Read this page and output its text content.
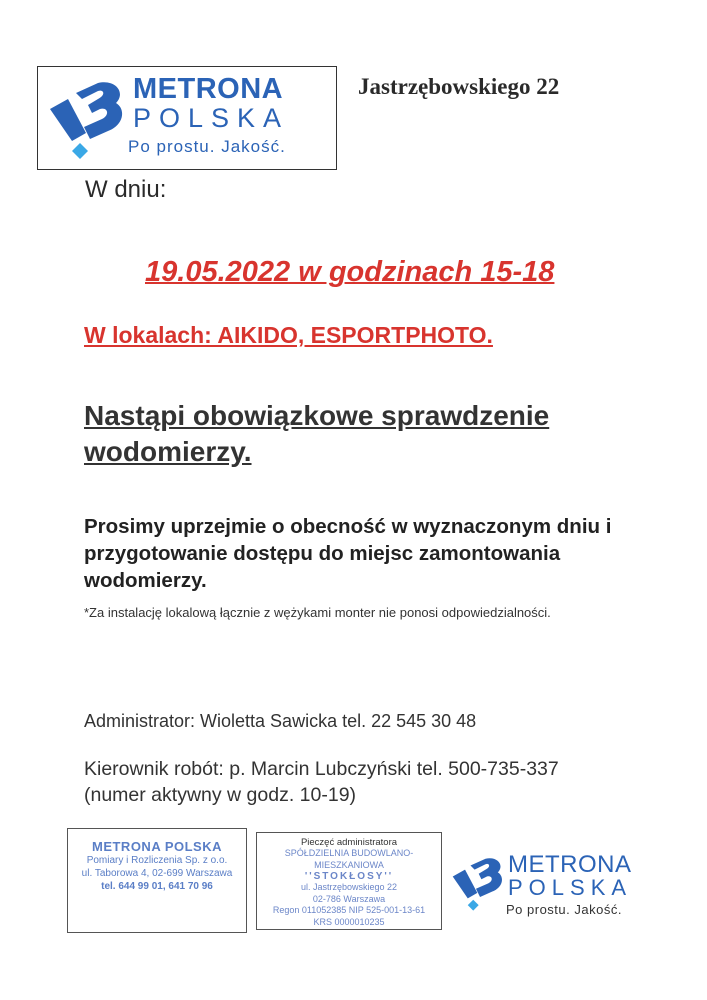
METRONA
POLSKA
Po prostu. Jakość.
Jastrzębowskiego 22
W dniu:
19.05.2022 w godzinach 15-18
W lokalach: AIKIDO, ESPORTPHOTO.
Nastąpi obowiązkowe sprawdzenie wodomierzy.
Prosimy uprzejmie o obecność w wyznaczonym dniu i przygotowanie dostępu do miejsc zamontowania wodomierzy.
*Za instalację lokalową łącznie z wężykami monter nie ponosi odpowiedzialności.
Administrator: Wioletta Sawicka tel. 22 545 30 48
Kierownik robót: p. Marcin Lubczyński tel. 500-735-337
(numer aktywny w godz. 10-19)
METRONA POLSKA
Pomiary i Rozliczenia Sp. z o.o.
ul. Taborowa 4, 02-699 Warszawa
tel. 644 99 01, 641 70 96
Pieczęć administratora
SPÓŁDZIELNIA BUDOWLANO-MIESZKANIOWA
''STOKŁOSY''
ul. Jastrzębowskiego 22
02-786 Warszawa
Regon 011052385 NIP 525-001-13-61
KRS 0000010235
METRONA
POLSKA
Po prostu. Jakość.
